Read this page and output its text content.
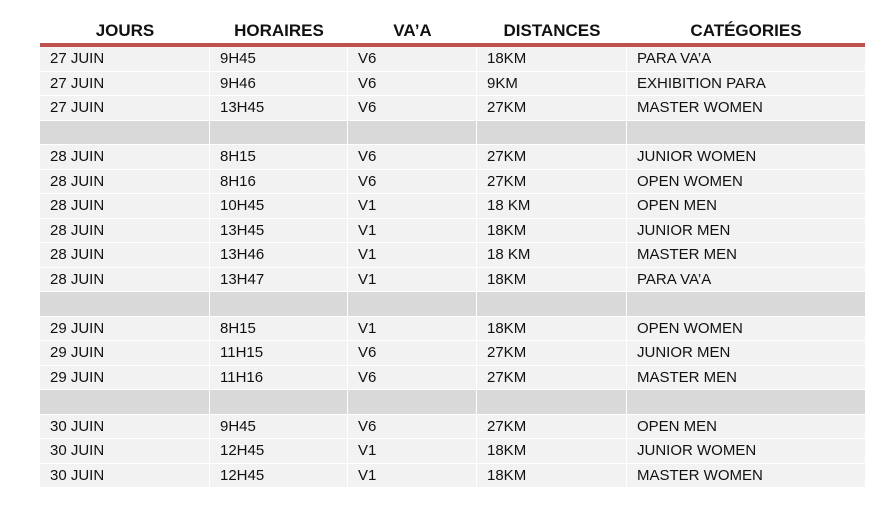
JOURS	HORAIRES	VA’A	DISTANCES	CATÉGORIES
27 JUIN	9H45	V6	18KM	PARA VA’A
27 JUIN	9H46	V6	9KM	EXHIBITION PARA
27 JUIN	13H45	V6	27KM	MASTER WOMEN

28 JUIN	8H15	V6	27KM	JUNIOR WOMEN
28 JUIN	8H16	V6	27KM	OPEN WOMEN
28 JUIN	10H45	V1	18 KM	OPEN MEN
28 JUIN	13H45	V1	18KM	JUNIOR MEN
28 JUIN	13H46	V1	18 KM	MASTER MEN
28 JUIN	13H47	V1	18KM	PARA VA’A

29 JUIN	8H15	V1	18KM	OPEN WOMEN
29 JUIN	11H15	V6	27KM	JUNIOR MEN
29 JUIN	11H16	V6	27KM	MASTER MEN

30 JUIN	9H45	V6	27KM	OPEN MEN
30 JUIN	12H45	V1	18KM	JUNIOR WOMEN
30 JUIN	12H45	V1	18KM	MASTER WOMEN
